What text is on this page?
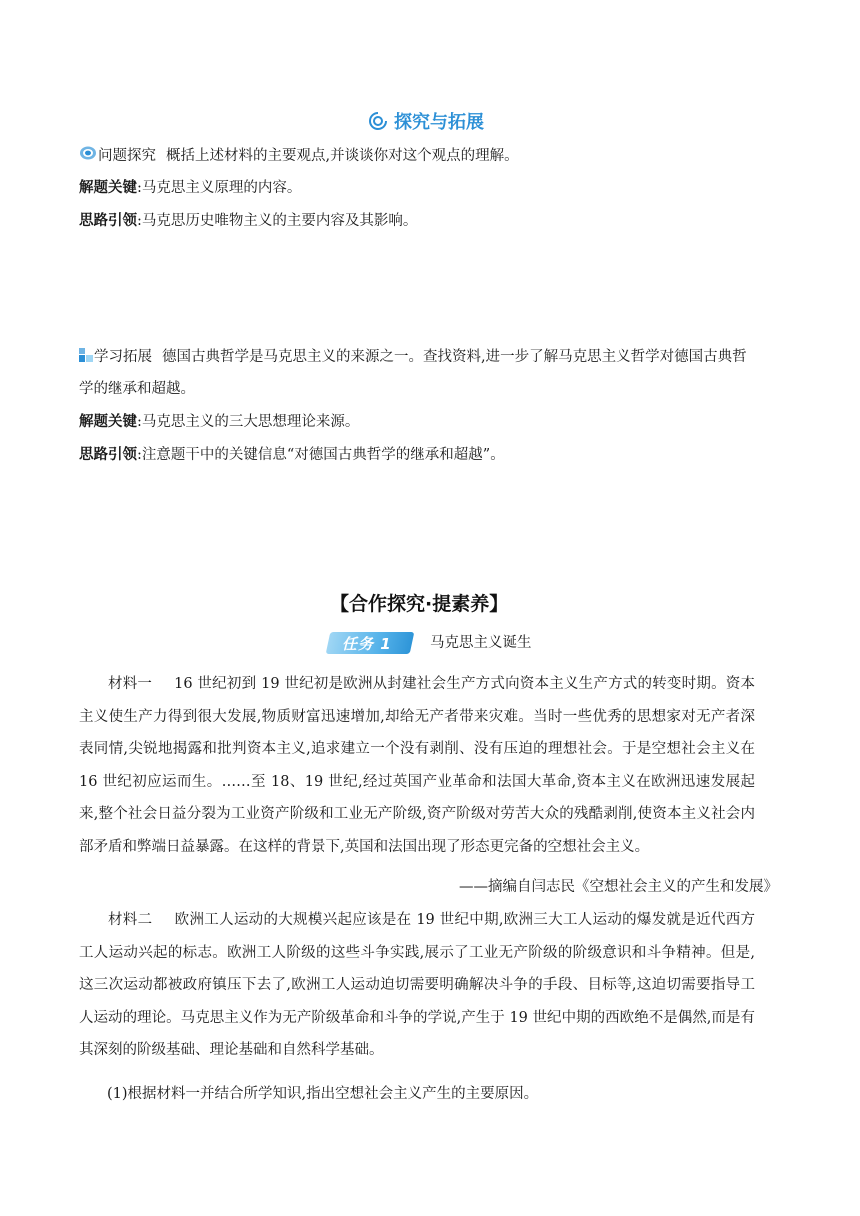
探究与拓展
问题探究 概括上述材料的主要观点,并谈谈你对这个观点的理解。
解题关键:马克思主义原理的内容。
思路引领:马克思历史唯物主义的主要内容及其影响。
学习拓展 德国古典哲学是马克思主义的来源之一。查找资料,进一步了解马克思主义哲学对德国古典哲
学的继承和超越。
解题关键:马克思主义的三大思想理论来源。
思路引领:注意题干中的关键信息“对德国古典哲学的继承和超越”。
【合作探究·提素养】
任务 1	马克思主义诞生

材料一 16 世纪初到 19 世纪初是欧洲从封建社会生产方式向资本主义生产方式的转变时期。资本主义使生产力得到很大发展,物质财富迅速增加,却给无产者带来灾难。当时一些优秀的思想家对无产者深表同情,尖锐地揭露和批判资本主义,追求建立一个没有剥削、没有压迫的理想社会。于是空想社会主义在 16 世纪初应运而生。……至 18、19 世纪,经过英国产业革命和法国大革命,资本主义在欧洲迅速发展起来,整个社会日益分裂为工业资产阶级和工业无产阶级,资产阶级对劳苦大众的残酷剥削,使资本主义社会内部矛盾和弊端日益暴露。在这样的背景下,英国和法国出现了形态更完备的空想社会主义。

——摘编自闫志民《空想社会主义的产生和发展》

材料二 欧洲工人运动的大规模兴起应该是在 19 世纪中期,欧洲三大工人运动的爆发就是近代西方工人运动兴起的标志。欧洲工人阶级的这些斗争实践,展示了工业无产阶级的阶级意识和斗争精神。但是,这三次运动都被政府镇压下去了,欧洲工人运动迫切需要明确解决斗争的手段、目标等,这迫切需要指导工人运动的理论。马克思主义作为无产阶级革命和斗争的学说,产生于 19 世纪中期的西欧绝不是偶然,而是有其深刻的阶级基础、理论基础和自然科学基础。

(1)根据材料一并结合所学知识,指出空想社会主义产生的主要原因。
